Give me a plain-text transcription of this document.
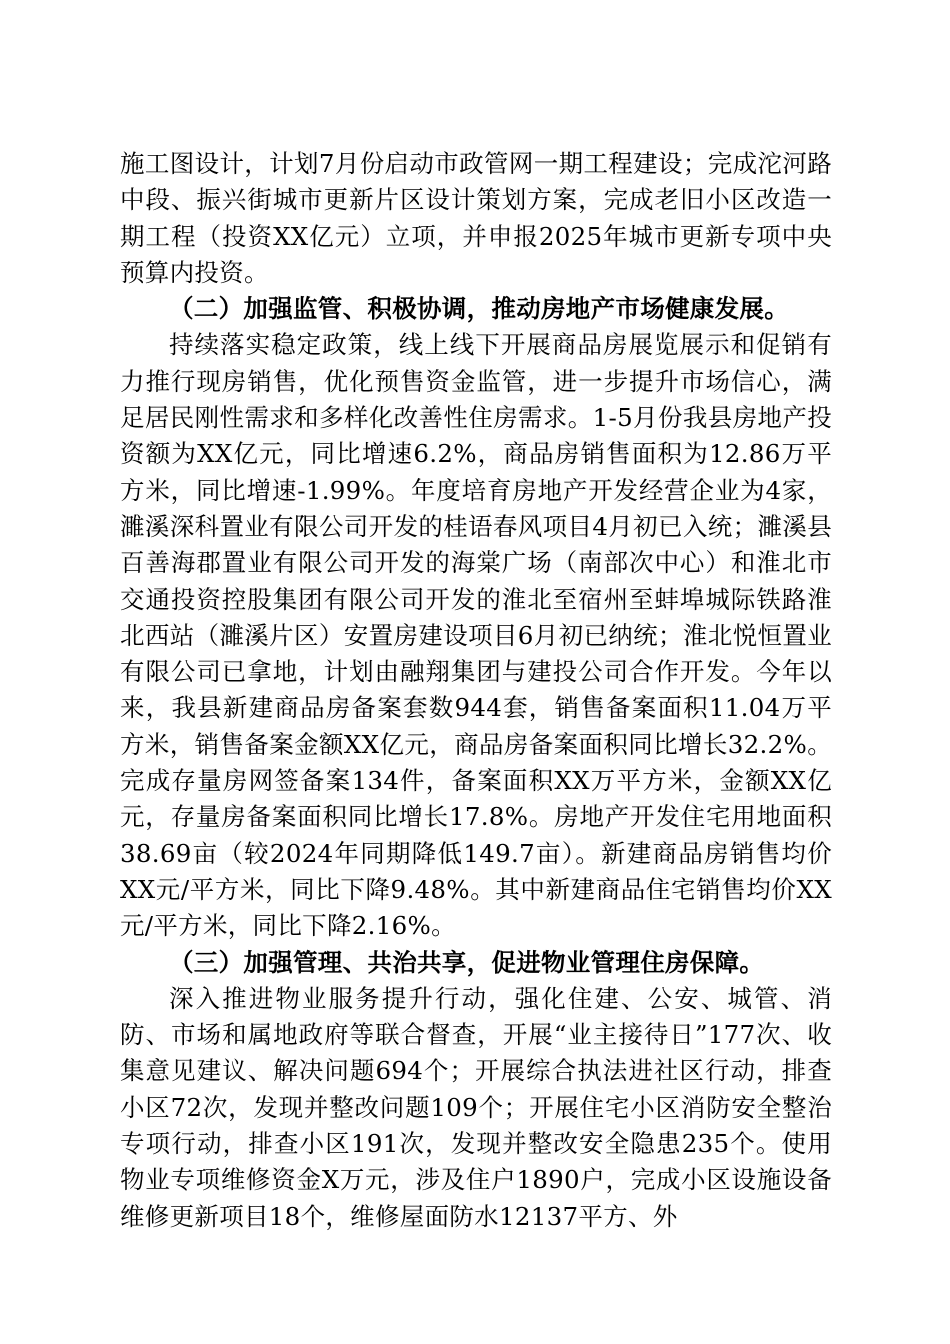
施工图设计，计划7月份启动市政管网一期工程建设；完成沱河路中段、振兴街城市更新片区设计策划方案，完成老旧小区改造一期工程（投资XX亿元）立项，并申报2025年城市更新专项中央预算内投资。

（二）加强监管、积极协调，推动房地产市场健康发展。

持续落实稳定政策，线上线下开展商品房展览展示和促销有力推行现房销售，优化预售资金监管，进一步提升市场信心，满足居民刚性需求和多样化改善性住房需求。1-5月份我县房地产投资额为XX亿元，同比增速6.2%，商品房销售面积为12.86万平方米，同比增速-1.99%。年度培育房地产开发经营企业为4家，濉溪深科置业有限公司开发的桂语春风项目4月初已入统；濉溪县百善海郡置业有限公司开发的海棠广场（南部次中心）和淮北市交通投资控股集团有限公司开发的淮北至宿州至蚌埠城际铁路淮北西站（濉溪片区）安置房建设项目6月初已纳统；淮北悦恒置业有限公司已拿地，计划由融翔集团与建投公司合作开发。今年以来，我县新建商品房备案套数944套，销售备案面积11.04万平方米，销售备案金额XX亿元，商品房备案面积同比增长32.2%。完成存量房网签备案134件，备案面积XX万平方米，金额XX亿元，存量房备案面积同比增长17.8%。房地产开发住宅用地面积38.69亩（较2024年同期降低149.7亩）。新建商品房销售均价XX元/平方米，同比下降9.48%。其中新建商品住宅销售均价XX元/平方米，同比下降2.16%。

（三）加强管理、共治共享，促进物业管理住房保障。

深入推进物业服务提升行动，强化住建、公安、城管、消防、市场和属地政府等联合督查，开展“业主接待日”177次、收集意见建议、解决问题694个；开展综合执法进社区行动，排查小区72次，发现并整改问题109个；开展住宅小区消防安全整治专项行动，排查小区191次，发现并整改安全隐患235个。使用物业专项维修资金X万元，涉及住户1890户，完成小区设施设备维修更新项目18个，维修屋面防水12137平方、外
